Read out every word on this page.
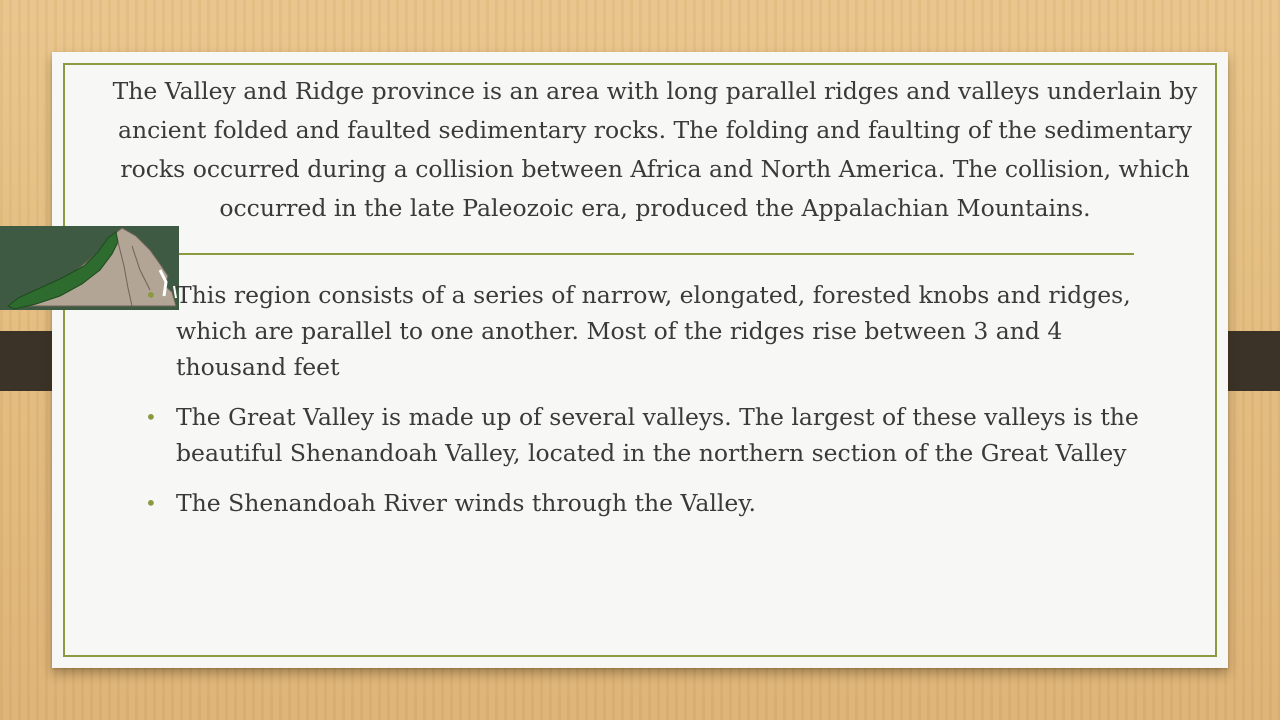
The Valley and Ridge province is an area with long parallel ridges and valleys underlain by ancient folded and faulted sedimentary rocks. The folding and faulting of the sedimentary rocks occurred during a collision between Africa and North America. The collision, which occurred in the late Paleozoic era, produced the Appalachian Mountains.

• This region consists of a series of narrow, elongated, forested knobs and ridges, which are parallel to one another. Most of the ridges rise between 3 and 4 thousand feet
• The Great Valley is made up of several valleys. The largest of these valleys is the beautiful Shenandoah Valley, located in the northern section of the Great Valley
• The Shenandoah River winds through the Valley.
